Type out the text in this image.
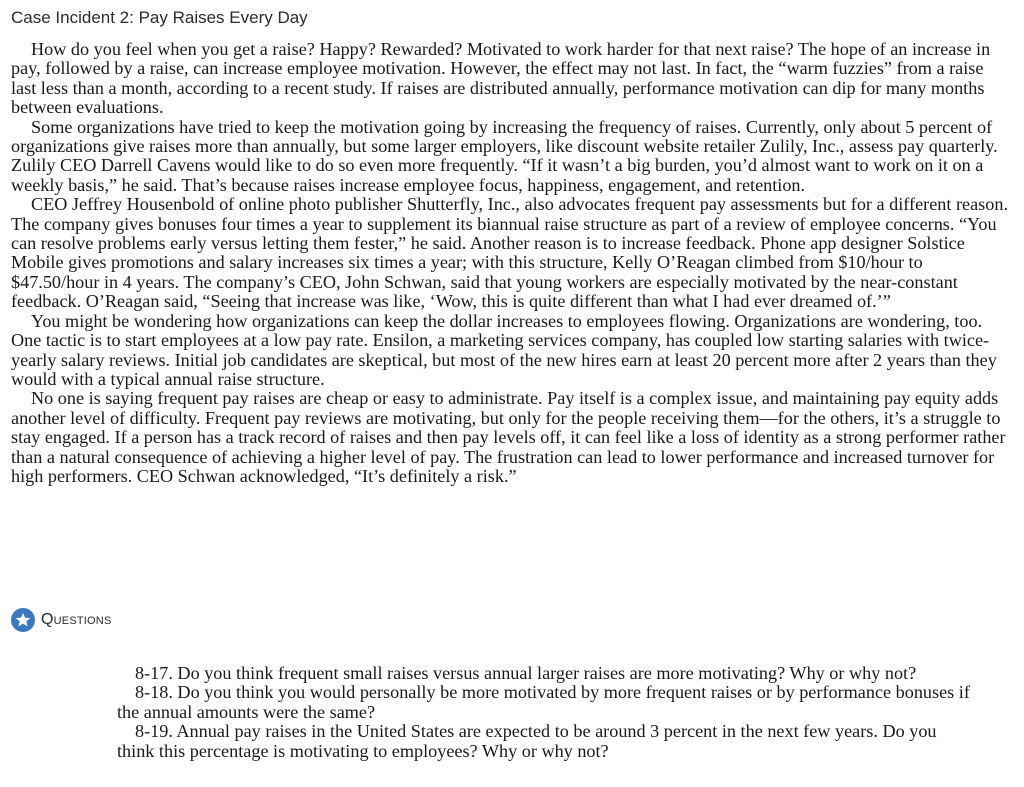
Case Incident 2: Pay Raises Every Day

How do you feel when you get a raise? Happy? Rewarded? Motivated to work harder for that next raise? The hope of an increase in pay, followed by a raise, can increase employee motivation. However, the effect may not last. In fact, the “warm fuzzies” from a raise last less than a month, according to a recent study. If raises are distributed annually, performance motivation can dip for many months between evaluations.

Some organizations have tried to keep the motivation going by increasing the frequency of raises. Currently, only about 5 percent of organizations give raises more than annually, but some larger employers, like discount website retailer Zulily, Inc., assess pay quarterly. Zulily CEO Darrell Cavens would like to do so even more frequently. “If it wasn’t a big burden, you’d almost want to work on it on a weekly basis,” he said. That’s because raises increase employee focus, happiness, engagement, and retention.

CEO Jeffrey Housenbold of online photo publisher Shutterfly, Inc., also advocates frequent pay assessments but for a different reason. The company gives bonuses four times a year to supplement its biannual raise structure as part of a review of employee concerns. “You can resolve problems early versus letting them fester,” he said. Another reason is to increase feedback. Phone app designer Solstice Mobile gives promotions and salary increases six times a year; with this structure, Kelly O’Reagan climbed from $10/hour to $47.50/hour in 4 years. The company’s CEO, John Schwan, said that young workers are especially motivated by the near-constant feedback. O’Reagan said, “Seeing that increase was like, ‘Wow, this is quite different than what I had ever dreamed of.’”

You might be wondering how organizations can keep the dollar increases to employees flowing. Organizations are wondering, too. One tactic is to start employees at a low pay rate. Ensilon, a marketing services company, has coupled low starting salaries with twice-yearly salary reviews. Initial job candidates are skeptical, but most of the new hires earn at least 20 percent more after 2 years than they would with a typical annual raise structure.

No one is saying frequent pay raises are cheap or easy to administrate. Pay itself is a complex issue, and maintaining pay equity adds another level of difficulty. Frequent pay reviews are motivating, but only for the people receiving them—for the others, it’s a struggle to stay engaged. If a person has a track record of raises and then pay levels off, it can feel like a loss of identity as a strong performer rather than a natural consequence of achieving a higher level of pay. The frustration can lead to lower performance and increased turnover for high performers. CEO Schwan acknowledged, “It’s definitely a risk.”

Questions

8-17. Do you think frequent small raises versus annual larger raises are more motivating? Why or why not?

8-18. Do you think you would personally be more motivated by more frequent raises or by performance bonuses if the annual amounts were the same?

8-19. Annual pay raises in the United States are expected to be around 3 percent in the next few years. Do you think this percentage is motivating to employees? Why or why not?
